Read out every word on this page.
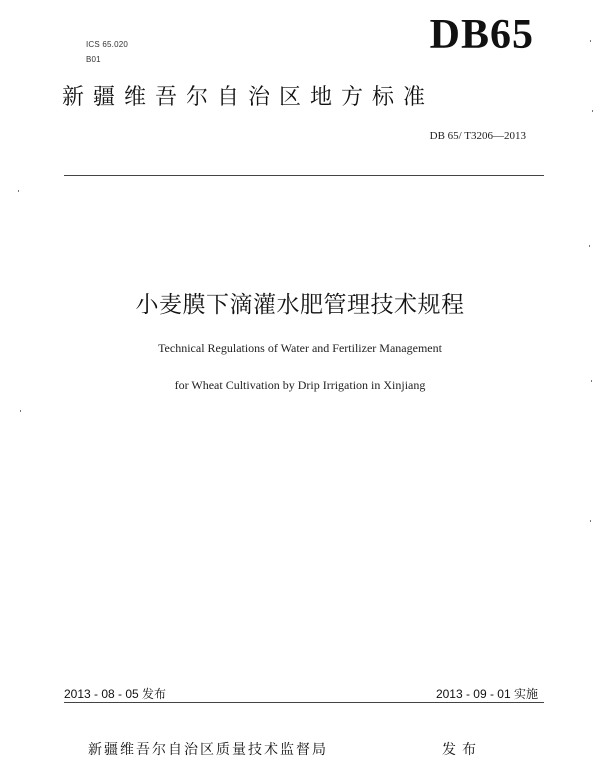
ICS 65.020
B01
DB65
新疆维吾尔自治区地方标准
DB 65/ T3206—2013
小麦膜下滴灌水肥管理技术规程
Technical Regulations of Water and Fertilizer Management
for Wheat Cultivation by Drip Irrigation in Xinjiang
2013 - 08 - 05 发布	2013 - 09 - 01 实施
新疆维吾尔自治区质量技术监督局	发布
